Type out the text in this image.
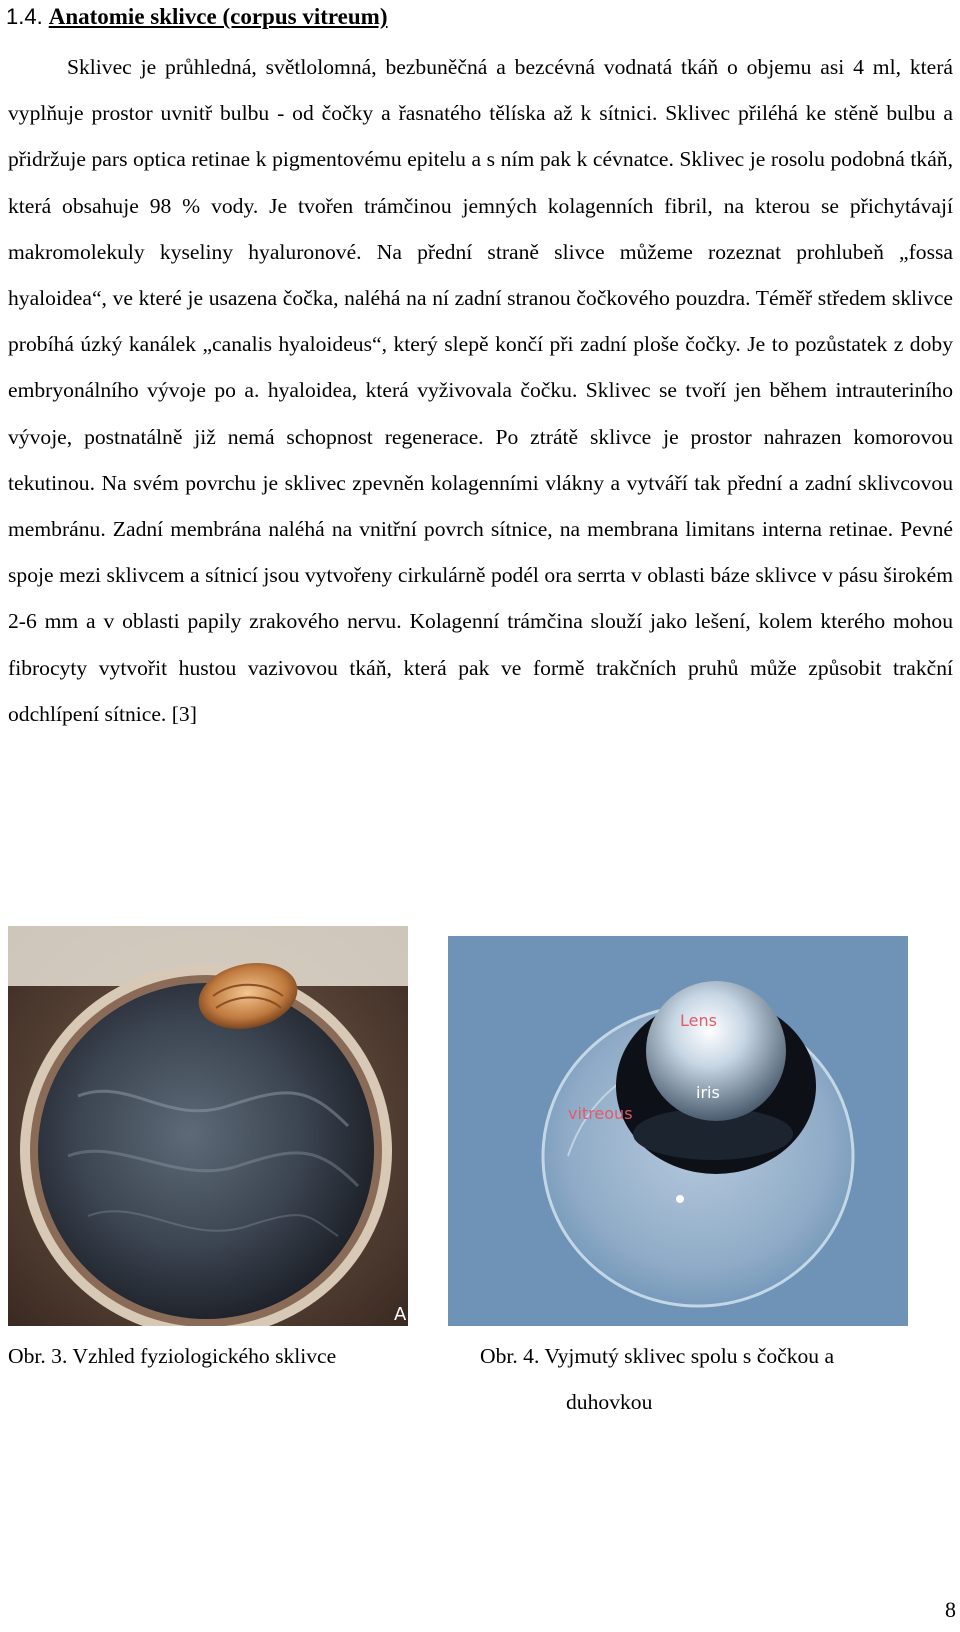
1.4. Anatomie sklivce (corpus vitreum)

Sklivec je průhledná, světlolomná, bezbuněčná a bezcévná vodnatá tkáň o objemu asi 4 ml, která vyplňuje prostor uvnitř bulbu - od čočky a řasnatého tělíska až k sítnici. Sklivec přiléhá ke stěně bulbu a přidržuje pars optica retinae k pigmentovému epitelu a s ním pak k cévnatce. Sklivec je rosolu podobná tkáň, která obsahuje 98 % vody. Je tvořen trámčinou jemných kolagenních fibril, na kterou se přichytávají makromolekuly kyseliny hyaluronové. Na přední straně slivce můžeme rozeznat prohlubeň „fossa hyaloidea“, ve které je usazena čočka, naléhá na ní zadní stranou čočkového pouzdra. Téměř středem sklivce probíhá úzký kanálek „canalis hyaloideus“, který slepě končí při zadní ploše čočky. Je to pozůstatek z doby embryonálního vývoje po a. hyaloidea, která vyživovala čočku. Sklivec se tvoří jen během intrauteriního vývoje, postnatálně již nemá schopnost regenerace. Po ztrátě sklivce je prostor nahrazen komorovou tekutinou. Na svém povrchu je sklivec zpevněn kolagenními vlákny a vytváří tak přední a zadní sklivcovou membránu. Zadní membrána naléhá na vnitřní povrch sítnice, na membrana limitans interna retinae. Pevné spoje mezi sklivcem a sítnicí jsou vytvořeny cirkulárně podél ora serrta v oblasti báze sklivce v pásu širokém 2-6 mm a v oblasti papily zrakového nervu. Kolagenní trámčina slouží jako lešení, kolem kterého mohou fibrocyty vytvořit hustou vazivovou tkáň, která pak ve formě trakčních pruhů může způsobit trakční odchlípení sítnice. [3]

A
Lens
iris
vitreous
Obr. 3. Vzhled fyziologického sklivce	Obr. 4. Vyjmutý sklivec spolu s čočkou a
duhovkou
8
